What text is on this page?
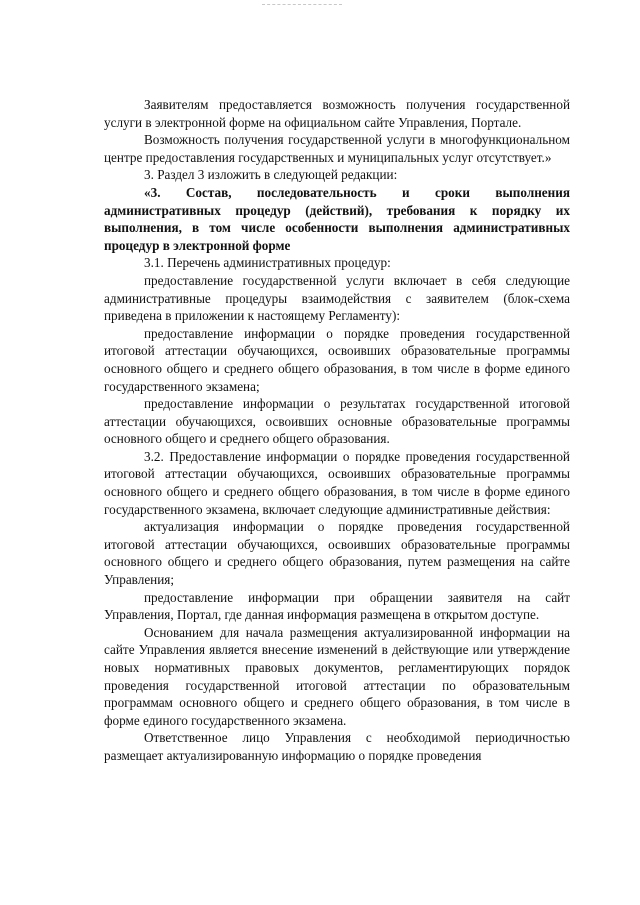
Заявителям предоставляется возможность получения государственной услуги в электронной форме на официальном сайте Управления, Портале.

Возможность получения государственной услуги в многофункциональном центре предоставления государственных и муниципальных услуг отсутствует.»

3. Раздел 3 изложить в следующей редакции:

«3. Состав, последовательность и сроки выполнения административных процедур (действий), требования к порядку их выполнения, в том числе особенности выполнения административных процедур в электронной форме

3.1. Перечень административных процедур:

предоставление государственной услуги включает в себя следующие административные процедуры взаимодействия с заявителем (блок-схема приведена в приложении к настоящему Регламенту):

предоставление информации о порядке проведения государственной итоговой аттестации обучающихся, освоивших образовательные программы основного общего и среднего общего образования, в том числе в форме единого государственного экзамена;

предоставление информации о результатах государственной итоговой аттестации обучающихся, освоивших основные образовательные программы основного общего и среднего общего образования.

3.2. Предоставление информации о порядке проведения государственной итоговой аттестации обучающихся, освоивших образовательные программы основного общего и среднего общего образования, в том числе в форме единого государственного экзамена, включает следующие административные действия:

актуализация информации о порядке проведения государственной итоговой аттестации обучающихся, освоивших образовательные программы основного общего и среднего общего образования, путем размещения на сайте Управления;

предоставление информации при обращении заявителя на сайт Управления, Портал, где данная информация размещена в открытом доступе.

Основанием для начала размещения актуализированной информации на сайте Управления является внесение изменений в действующие или утверждение новых нормативных правовых документов, регламентирующих порядок проведения государственной итоговой аттестации по образовательным программам основного общего и среднего общего образования, в том числе в форме единого государственного экзамена.

Ответственное лицо Управления с необходимой периодичностью размещает актуализированную информацию о порядке проведения
